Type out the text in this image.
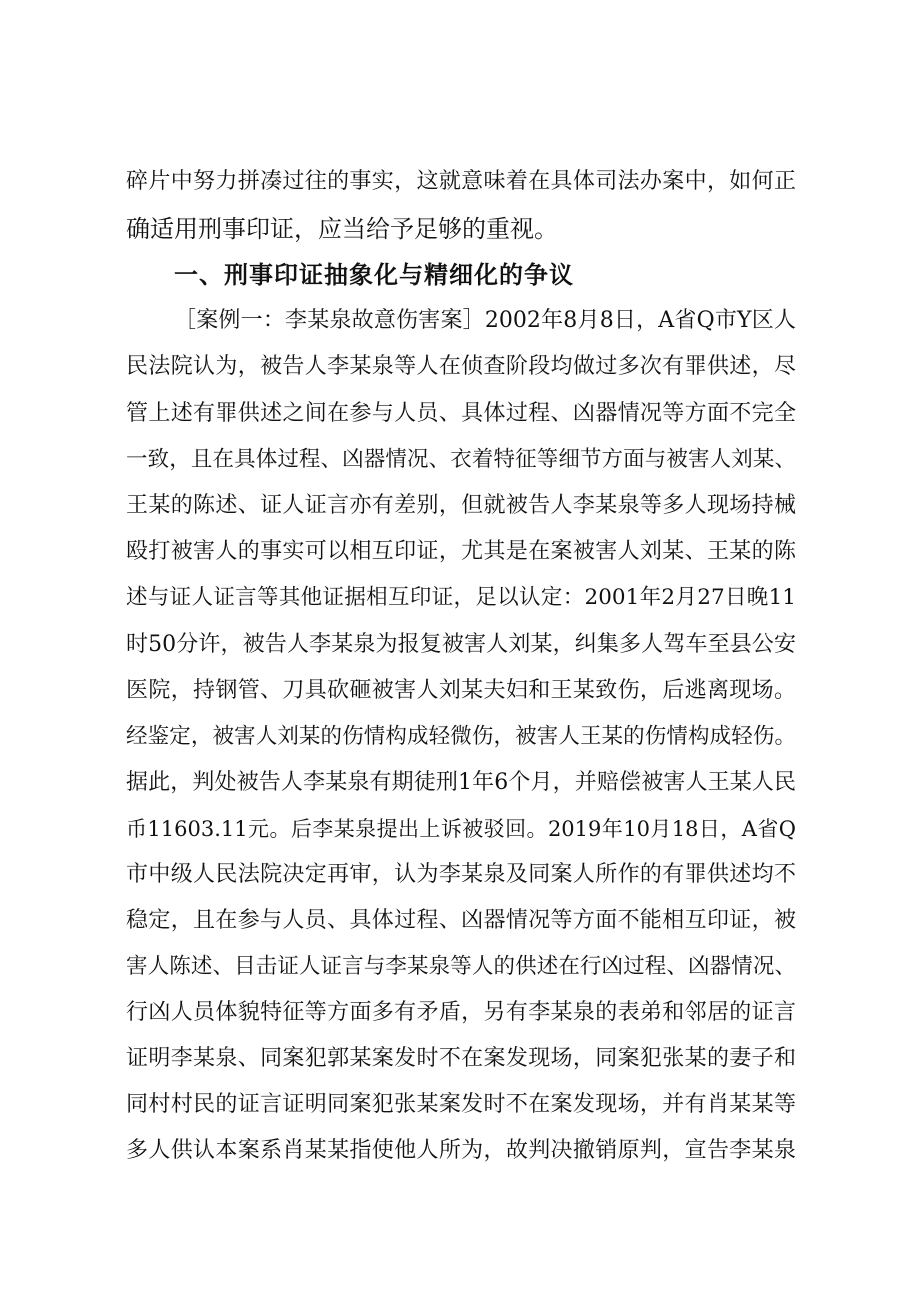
碎片中努力拼凑过往的事实，这就意味着在具体司法办案中，如何正
确适用刑事印证，应当给予足够的重视。
一、刑事印证抽象化与精细化的争议
［案例一：李某泉故意伤害案］2002年8月8日，A省Q市Y区人
民法院认为，被告人李某泉等人在侦查阶段均做过多次有罪供述，尽
管上述有罪供述之间在参与人员、具体过程、凶器情况等方面不完全
一致，且在具体过程、凶器情况、衣着特征等细节方面与被害人刘某、
王某的陈述、证人证言亦有差别，但就被告人李某泉等多人现场持械
殴打被害人的事实可以相互印证，尤其是在案被害人刘某、王某的陈
述与证人证言等其他证据相互印证，足以认定：2001年2月27日晚11
时50分许，被告人李某泉为报复被害人刘某，纠集多人驾车至县公安
医院，持钢管、刀具砍砸被害人刘某夫妇和王某致伤，后逃离现场。
经鉴定，被害人刘某的伤情构成轻微伤，被害人王某的伤情构成轻伤。
据此，判处被告人李某泉有期徒刑1年6个月，并赔偿被害人王某人民
币11603.11元。后李某泉提出上诉被驳回。2019年10月18日，A省Q
市中级人民法院决定再审，认为李某泉及同案人所作的有罪供述均不
稳定，且在参与人员、具体过程、凶器情况等方面不能相互印证，被
害人陈述、目击证人证言与李某泉等人的供述在行凶过程、凶器情况、
行凶人员体貌特征等方面多有矛盾，另有李某泉的表弟和邻居的证言
证明李某泉、同案犯郭某案发时不在案发现场，同案犯张某的妻子和
同村村民的证言证明同案犯张某案发时不在案发现场，并有肖某某等
多人供认本案系肖某某指使他人所为，故判决撤销原判，宣告李某泉
